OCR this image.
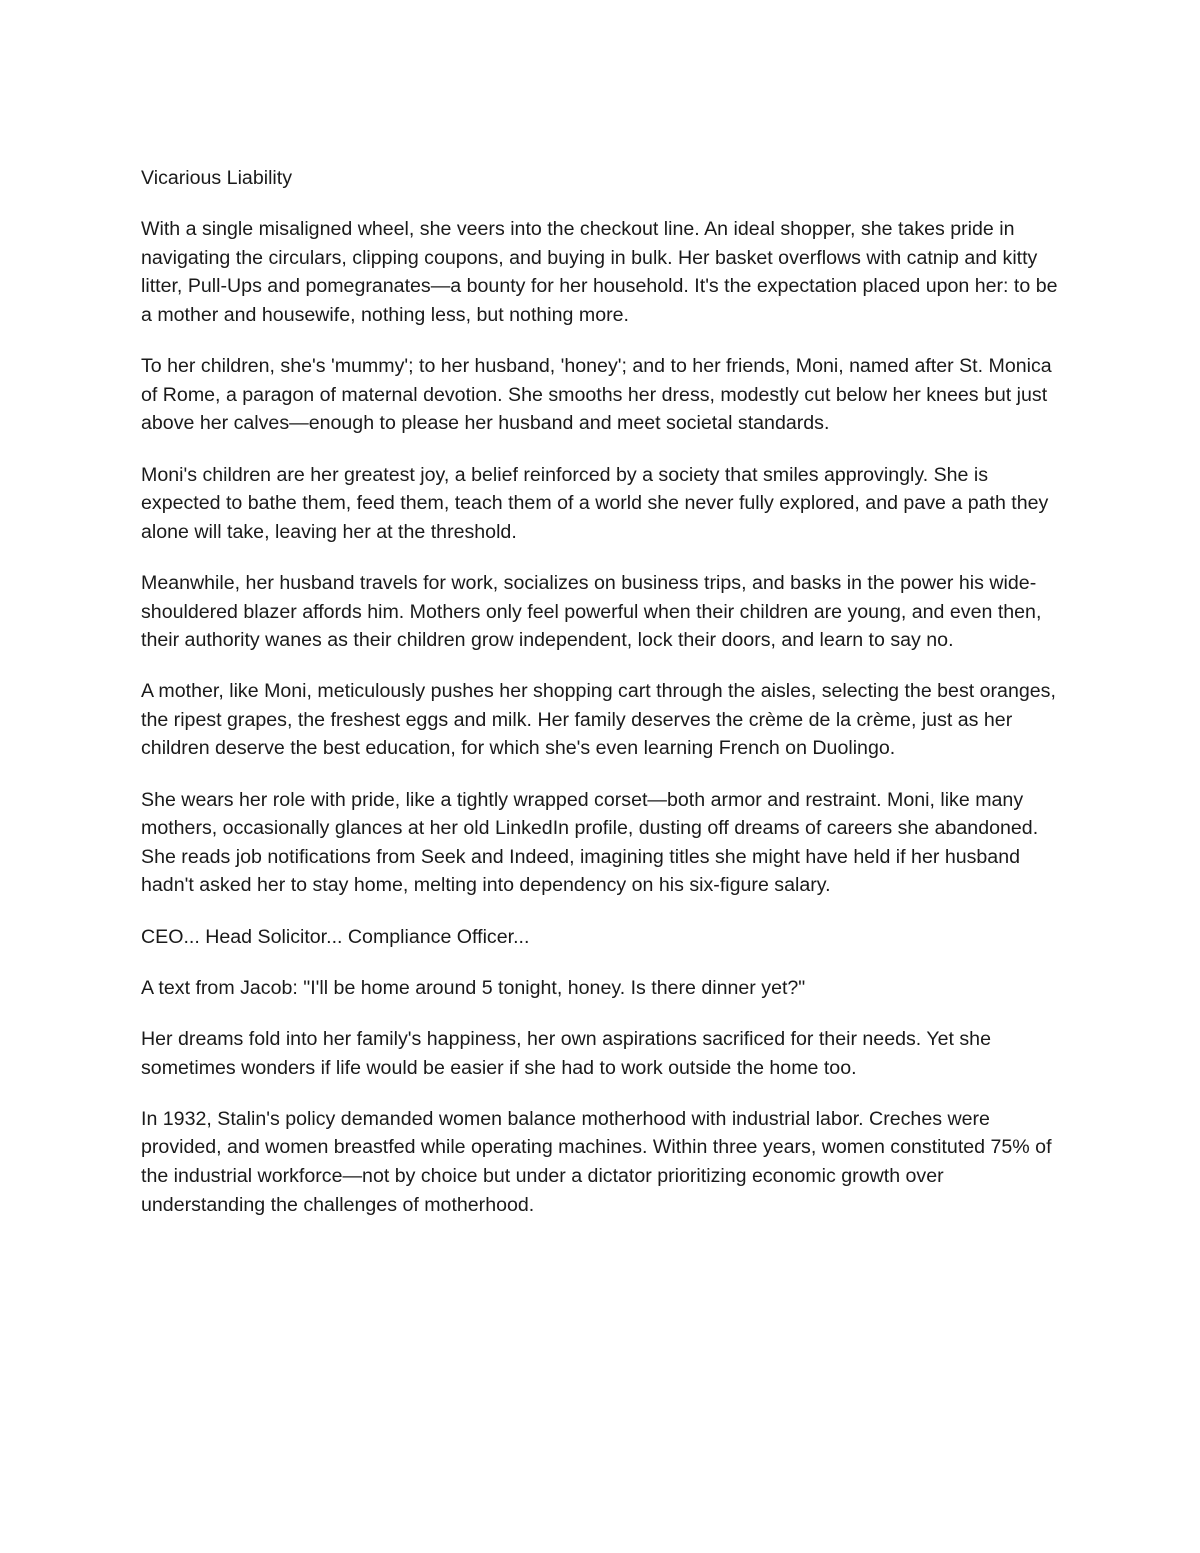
Vicarious Liability

With a single misaligned wheel, she veers into the checkout line. An ideal shopper, she takes pride in navigating the circulars, clipping coupons, and buying in bulk. Her basket overflows with catnip and kitty litter, Pull-Ups and pomegranates—a bounty for her household. It's the expectation placed upon her: to be a mother and housewife, nothing less, but nothing more.

To her children, she's 'mummy'; to her husband, 'honey'; and to her friends, Moni, named after St. Monica of Rome, a paragon of maternal devotion. She smooths her dress, modestly cut below her knees but just above her calves—enough to please her husband and meet societal standards.

Moni's children are her greatest joy, a belief reinforced by a society that smiles approvingly. She is expected to bathe them, feed them, teach them of a world she never fully explored, and pave a path they alone will take, leaving her at the threshold.

Meanwhile, her husband travels for work, socializes on business trips, and basks in the power his wide-shouldered blazer affords him. Mothers only feel powerful when their children are young, and even then, their authority wanes as their children grow independent, lock their doors, and learn to say no.

A mother, like Moni, meticulously pushes her shopping cart through the aisles, selecting the best oranges, the ripest grapes, the freshest eggs and milk. Her family deserves the crème de la crème, just as her children deserve the best education, for which she's even learning French on Duolingo.

She wears her role with pride, like a tightly wrapped corset—both armor and restraint. Moni, like many mothers, occasionally glances at her old LinkedIn profile, dusting off dreams of careers she abandoned. She reads job notifications from Seek and Indeed, imagining titles she might have held if her husband hadn't asked her to stay home, melting into dependency on his six-figure salary.

CEO... Head Solicitor... Compliance Officer...

A text from Jacob: "I'll be home around 5 tonight, honey. Is there dinner yet?"

Her dreams fold into her family's happiness, her own aspirations sacrificed for their needs. Yet she sometimes wonders if life would be easier if she had to work outside the home too.

In 1932, Stalin's policy demanded women balance motherhood with industrial labor. Creches were provided, and women breastfed while operating machines. Within three years, women constituted 75% of the industrial workforce—not by choice but under a dictator prioritizing economic growth over understanding the challenges of motherhood.
